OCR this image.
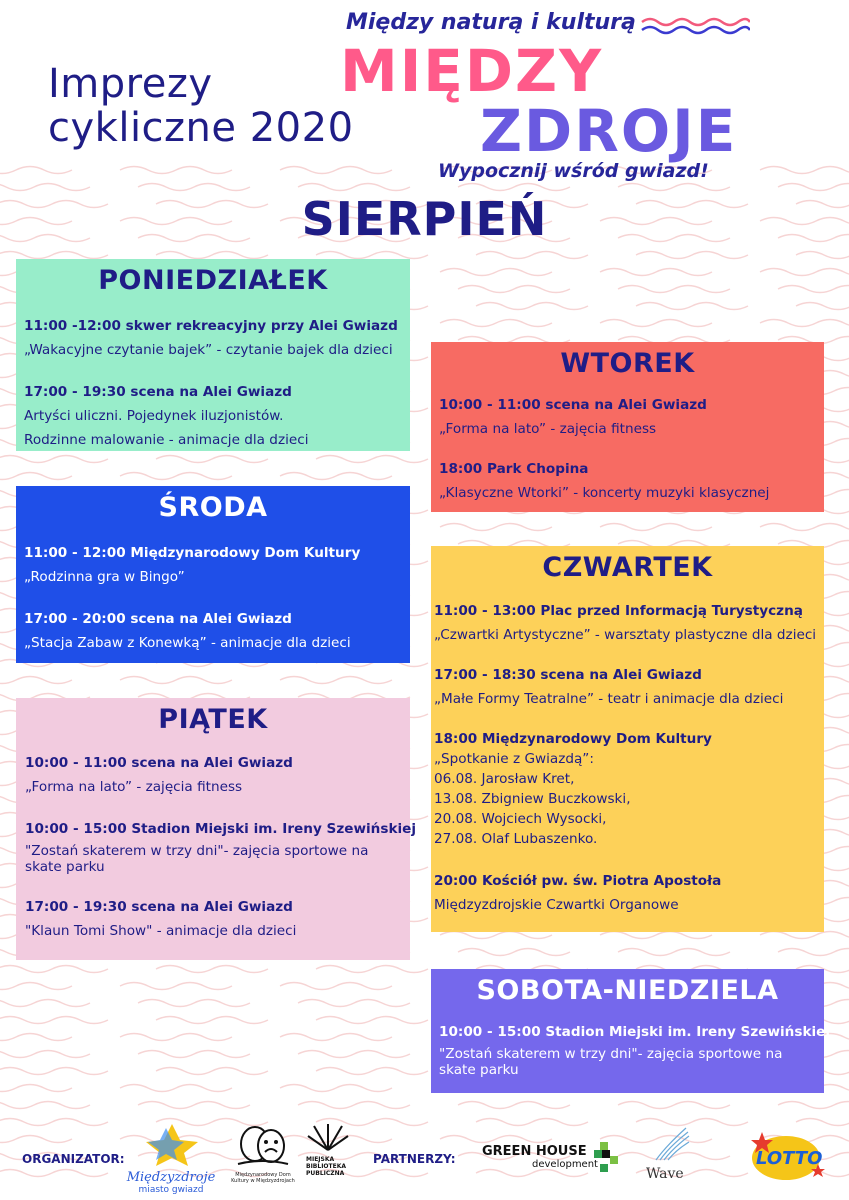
Imprezy
cykliczne 2020
Między naturą i kulturą
MIĘDZY
ZDROJE
Wypocznij wśród gwiazd!
SIERPIEŃ
PONIEDZIAŁEK
11:00 -12:00 skwer rekreacyjny przy Alei Gwiazd
„Wakacyjne czytanie bajek” - czytanie bajek dla dzieci
17:00 - 19:30 scena na Alei Gwiazd
Artyści uliczni. Pojedynek iluzjonistów.
Rodzinne malowanie - animacje dla dzieci
WTOREK
10:00 - 11:00 scena na Alei Gwiazd
„Forma na lato” - zajęcia fitness
18:00 Park Chopina
„Klasyczne Wtorki” - koncerty muzyki klasycznej
ŚRODA
11:00 - 12:00 Międzynarodowy Dom Kultury
„Rodzinna gra w Bingo”
17:00 - 20:00 scena na Alei Gwiazd
„Stacja Zabaw z Konewką” - animacje dla dzieci
CZWARTEK
11:00 - 13:00 Plac przed Informacją Turystyczną
„Czwartki Artystyczne” - warsztaty plastyczne dla dzieci
17:00 - 18:30 scena na Alei Gwiazd
„Małe Formy Teatralne” - teatr i animacje dla dzieci
18:00 Międzynarodowy Dom Kultury
„Spotkanie z Gwiazdą”:
06.08. Jarosław Kret,
13.08. Zbigniew Buczkowski,
20.08. Wojciech Wysocki,
27.08. Olaf Lubaszenko.
20:00 Kościół pw. św. Piotra Apostoła
Międzyzdrojskie Czwartki Organowe
PIĄTEK
10:00 - 11:00 scena na Alei Gwiazd
„Forma na lato” - zajęcia fitness
10:00 - 15:00 Stadion Miejski im. Ireny Szewińskiej
"Zostań skaterem w trzy dni"- zajęcia sportowe na skate parku
17:00 - 19:30 scena na Alei Gwiazd
"Klaun Tomi Show" - animacje dla dzieci
SOBOTA-NIEDZIELA
10:00 - 15:00 Stadion Miejski im. Ireny Szewińskiej
"Zostań skaterem w trzy dni"- zajęcia sportowe na skate parku
ORGANIZATOR:
Międzyzdroje
miasto gwiazd
Międzynarodowy Dom Kultury w Międzyzdrojach
MIEJSKA
BIBLIOTEKA
PUBLICZNA
PARTNERZY: GREEN HOUSE
development
Wave
LOTTO
